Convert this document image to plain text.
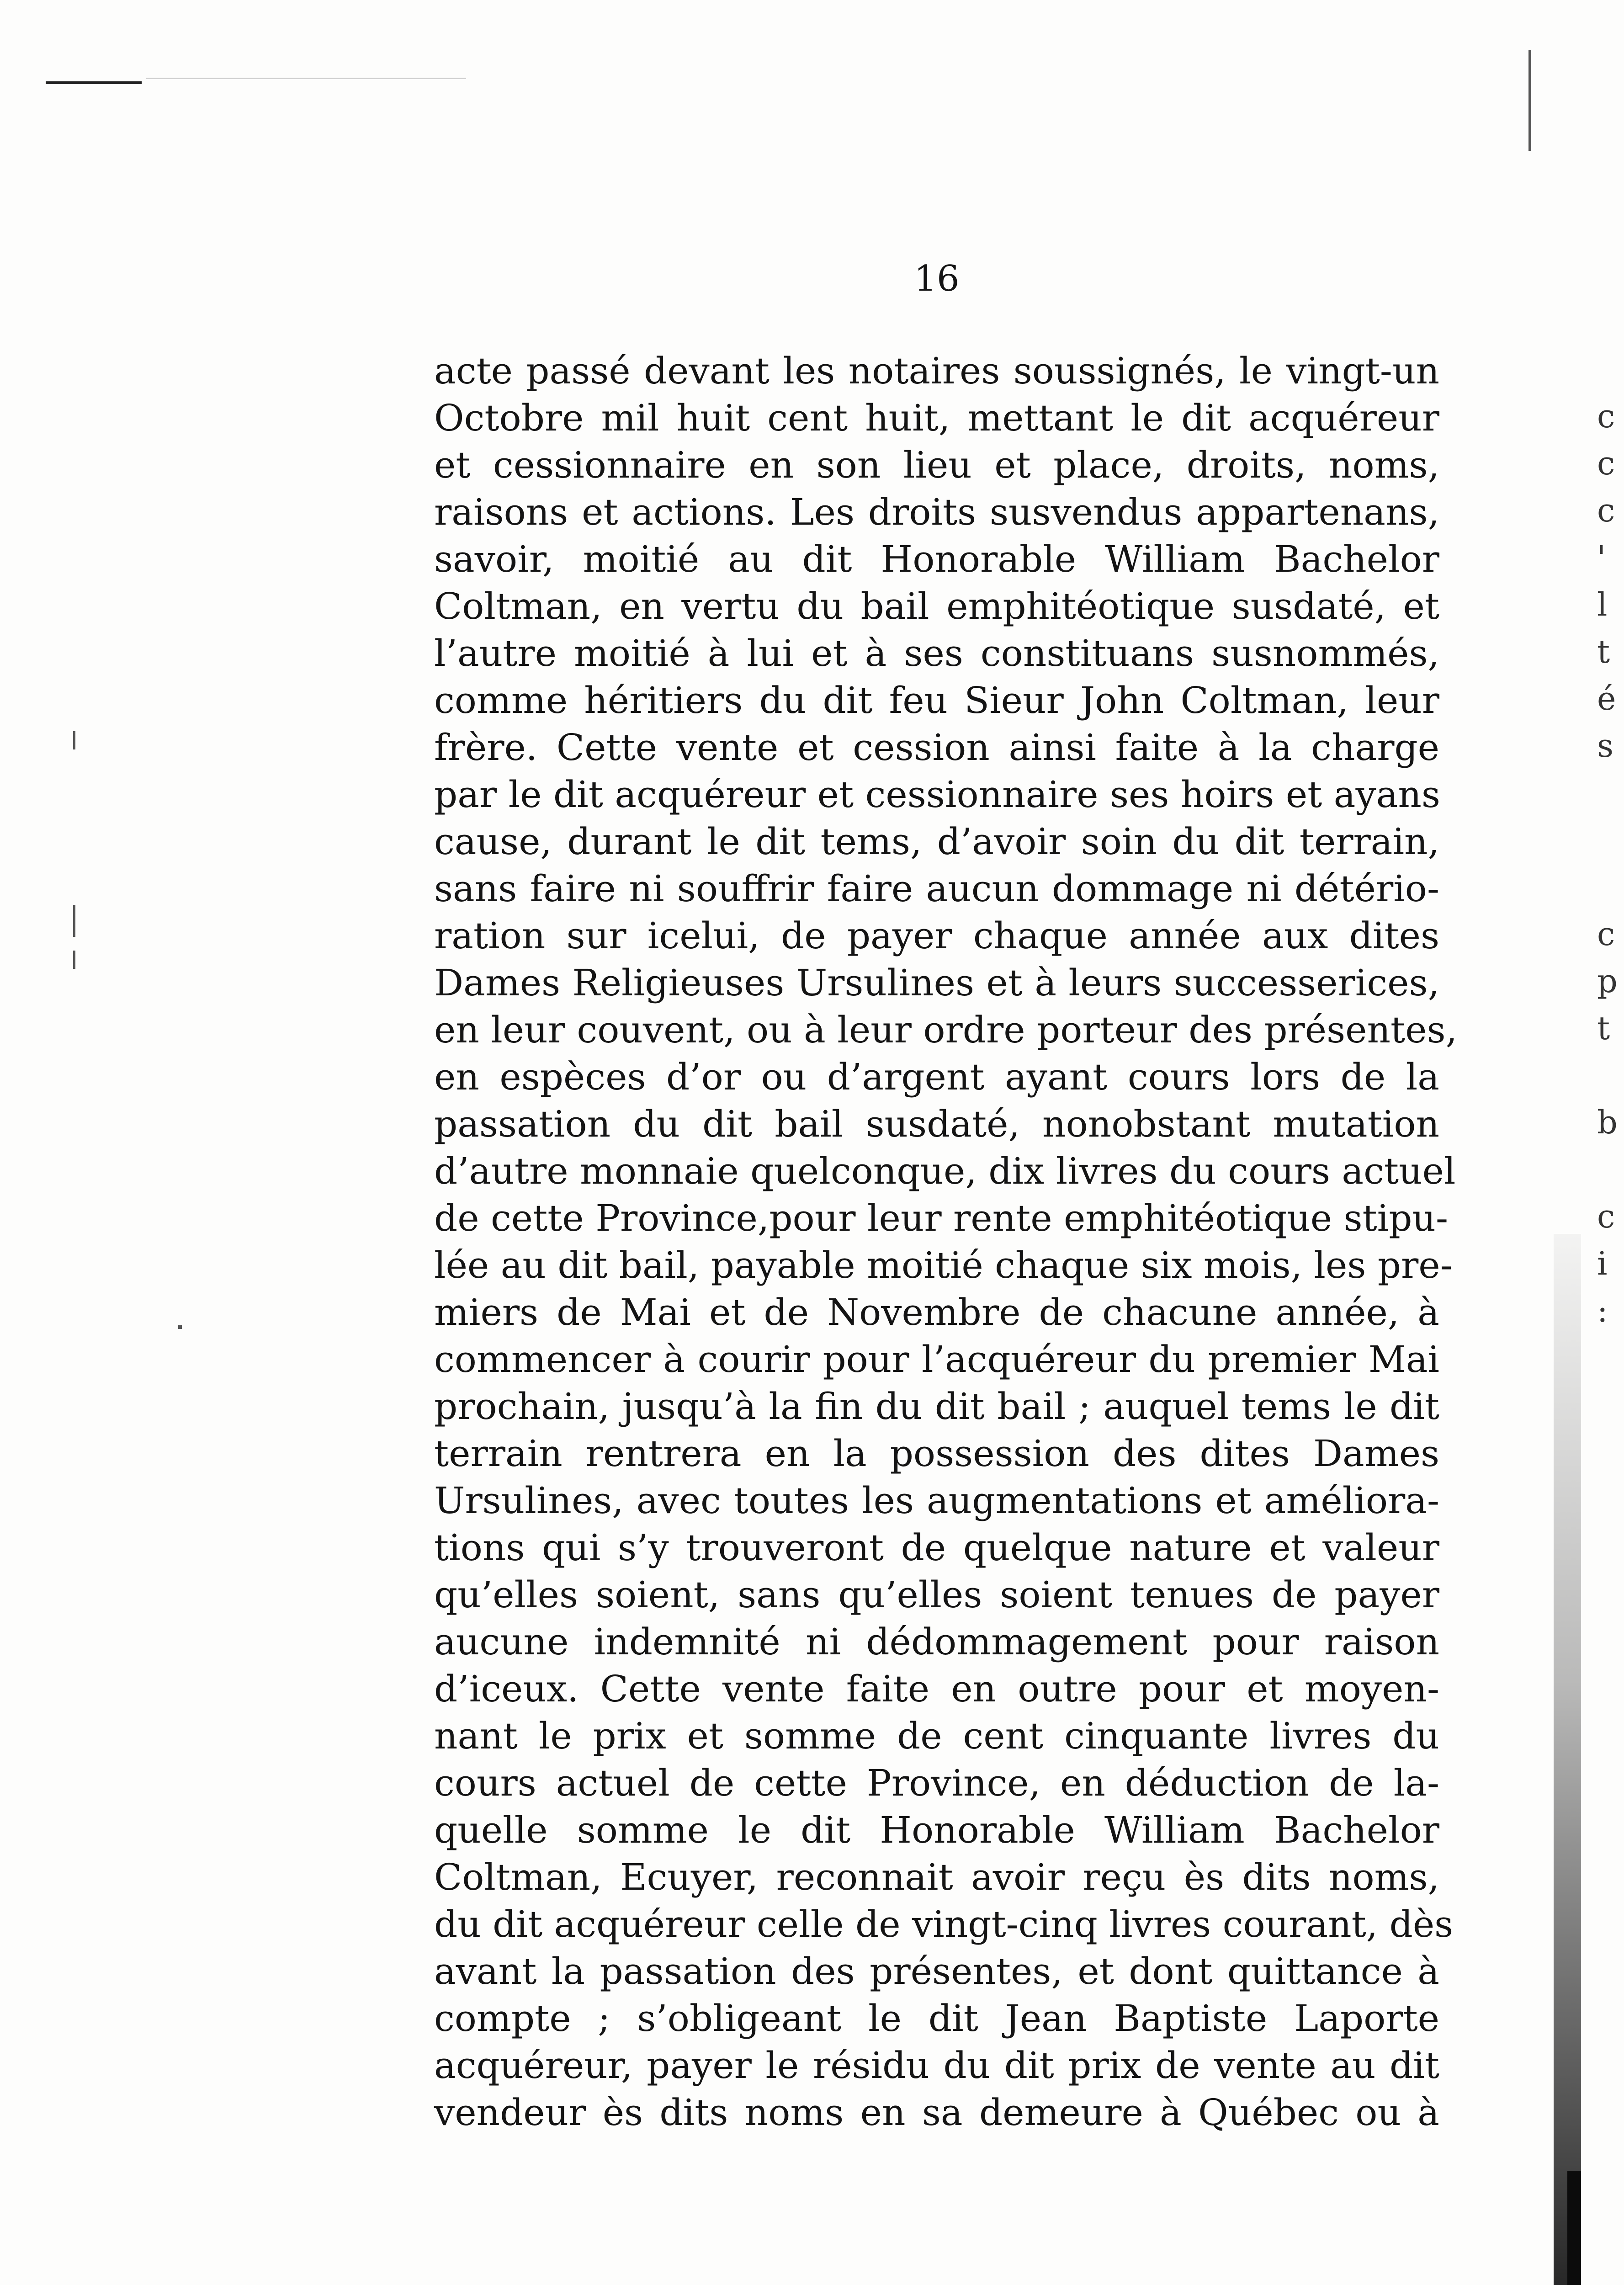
16
acte passé devant les notaires soussignés, le vingt-un
Octobre mil huit cent huit, mettant le dit acquéreur
et cessionnaire en son lieu et place, droits, noms,
raisons et actions. Les droits susvendus appartenans,
savoir, moitié au dit Honorable William Bachelor
Coltman, en vertu du bail emphitéotique susdaté, et
l’autre moitié à lui et à ses constituans susnommés,
comme héritiers du dit feu Sieur John Coltman, leur
frère. Cette vente et cession ainsi faite à la charge
par le dit acquéreur et cessionnaire ses hoirs et ayans
cause, durant le dit tems, d’avoir soin du dit terrain,
sans faire ni souffrir faire aucun dommage ni détério-
ration sur icelui, de payer chaque année aux dites
Dames Religieuses Ursulines et à leurs successerices,
en leur couvent, ou à leur ordre porteur des présentes,
en espèces d’or ou d’argent ayant cours lors de la
passation du dit bail susdaté, nonobstant mutation
d’autre monnaie quelconque, dix livres du cours actuel
de cette Province,pour leur rente emphitéotique stipu-
lée au dit bail, payable moitié chaque six mois, les pre-
miers de Mai et de Novembre de chacune année, à
commencer à courir pour l’acquéreur du premier Mai
prochain, jusqu’à la fin du dit bail ; auquel tems le dit
terrain rentrera en la possession des dites Dames
Ursulines, avec toutes les augmentations et améliora-
tions qui s’y trouveront de quelque nature et valeur
qu’elles soient, sans qu’elles soient tenues de payer
aucune indemnité ni dédommagement pour raison
d’iceux. Cette vente faite en outre pour et moyen-
nant le prix et somme de cent cinquante livres du
cours actuel de cette Province, en déduction de la-
quelle somme le dit Honorable William Bachelor
Coltman, Ecuyer, reconnait avoir reçu ès dits noms,
du dit acquéreur celle de vingt-cinq livres courant, dès
avant la passation des présentes, et dont quittance à
compte ; s’obligeant le dit Jean Baptiste Laporte
acquéreur, payer le résidu du dit prix de vente au dit
vendeur ès dits noms en sa demeure à Québec ou à
c
c
c
'
l
t
é
s
c
p
t
b
c
i
:
